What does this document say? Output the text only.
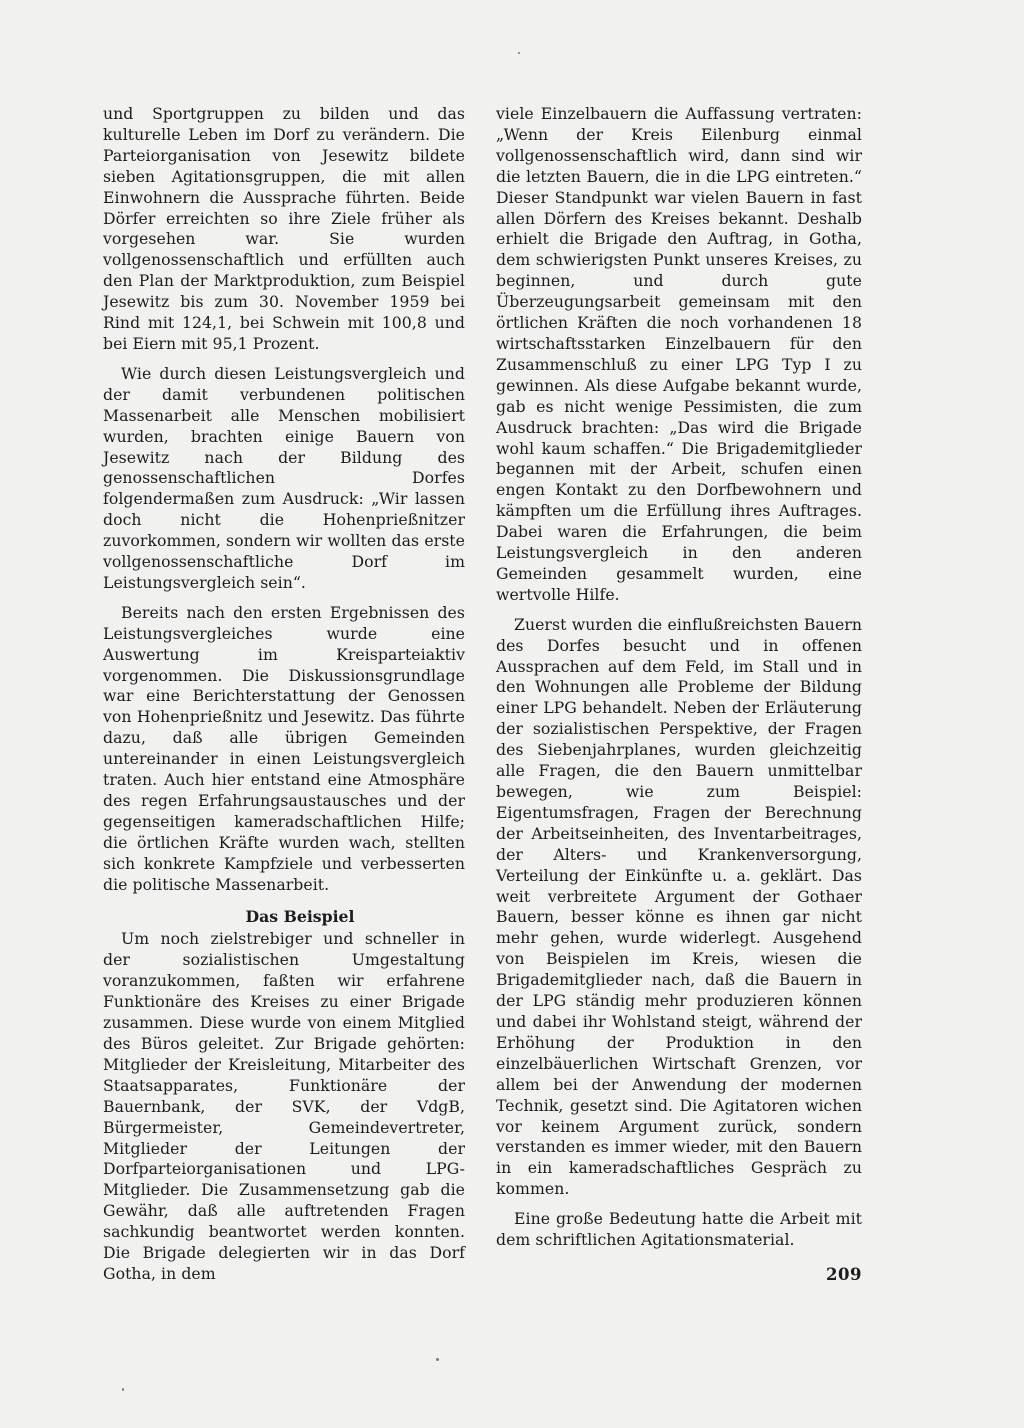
und Sportgruppen zu bilden und das kulturelle Leben im Dorf zu verändern. Die Parteiorganisation von Jesewitz bildete sieben Agitationsgruppen, die mit allen Einwohnern die Aussprache führten. Beide Dörfer erreichten so ihre Ziele früher als vorgesehen war. Sie wurden vollgenossenschaftlich und erfüllten auch den Plan der Marktproduktion, zum Beispiel Jesewitz bis zum 30. November 1959 bei Rind mit 124,1, bei Schwein mit 100,8 und bei Eiern mit 95,1 Prozent.

Wie durch diesen Leistungsvergleich und der damit verbundenen politischen Massenarbeit alle Menschen mobilisiert wurden, brachten einige Bauern von Jesewitz nach der Bildung des genossenschaftlichen Dorfes folgendermaßen zum Ausdruck: „Wir lassen doch nicht die Hohenprießnitzer zuvorkommen, sondern wir wollten das erste vollgenossenschaftliche Dorf im Leistungsvergleich sein“.

Bereits nach den ersten Ergebnissen des Leistungsvergleiches wurde eine Auswertung im Kreisparteiaktiv vorgenommen. Die Diskussionsgrundlage war eine Berichterstattung der Genossen von Hohenprießnitz und Jesewitz. Das führte dazu, daß alle übrigen Gemeinden untereinander in einen Leistungsvergleich traten. Auch hier entstand eine Atmosphäre des regen Erfahrungsaustausches und der gegenseitigen kameradschaftlichen Hilfe; die örtlichen Kräfte wurden wach, stellten sich konkrete Kampfziele und verbesserten die politische Massenarbeit.

Das Beispiel

Um noch zielstrebiger und schneller in der sozialistischen Umgestaltung voranzukommen, faßten wir erfahrene Funktionäre des Kreises zu einer Brigade zusammen. Diese wurde von einem Mitglied des Büros geleitet. Zur Brigade gehörten: Mitglieder der Kreisleitung, Mitarbeiter des Staatsapparates, Funktionäre der Bauernbank, der SVK, der VdgB, Bürgermeister, Gemeindevertreter, Mitglieder der Leitungen der Dorfparteiorganisationen und LPG-Mitglieder. Die Zusammensetzung gab die Gewähr, daß alle auftretenden Fragen sachkundig beantwortet werden konnten. Die Brigade delegierten wir in das Dorf Gotha, in dem

viele Einzelbauern die Auffassung vertraten: „Wenn der Kreis Eilenburg einmal vollgenossenschaftlich wird, dann sind wir die letzten Bauern, die in die LPG eintreten.“ Dieser Standpunkt war vielen Bauern in fast allen Dörfern des Kreises bekannt. Deshalb erhielt die Brigade den Auftrag, in Gotha, dem schwierigsten Punkt unseres Kreises, zu beginnen, und durch gute Überzeugungsarbeit gemeinsam mit den örtlichen Kräften die noch vorhandenen 18 wirtschaftsstarken Einzelbauern für den Zusammenschluß zu einer LPG Typ I zu gewinnen. Als diese Aufgabe bekannt wurde, gab es nicht wenige Pessimisten, die zum Ausdruck brachten: „Das wird die Brigade wohl kaum schaffen.“ Die Brigademitglieder begannen mit der Arbeit, schufen einen engen Kontakt zu den Dorfbewohnern und kämpften um die Erfüllung ihres Auftrages. Dabei waren die Erfahrungen, die beim Leistungsvergleich in den anderen Gemeinden gesammelt wurden, eine wertvolle Hilfe.

Zuerst wurden die einflußreichsten Bauern des Dorfes besucht und in offenen Aussprachen auf dem Feld, im Stall und in den Wohnungen alle Probleme der Bildung einer LPG behandelt. Neben der Erläuterung der sozialistischen Perspektive, der Fragen des Siebenjahrplanes, wurden gleichzeitig alle Fragen, die den Bauern unmittelbar bewegen, wie zum Beispiel: Eigentumsfragen, Fragen der Berechnung der Arbeitseinheiten, des Inventarbeitrages, der Alters- und Krankenversorgung, Verteilung der Einkünfte u. a. geklärt. Das weit verbreitete Argument der Gothaer Bauern, besser könne es ihnen gar nicht mehr gehen, wurde widerlegt. Ausgehend von Beispielen im Kreis, wiesen die Brigademitglieder nach, daß die Bauern in der LPG ständig mehr produzieren können und dabei ihr Wohlstand steigt, während der Erhöhung der Produktion in den einzelbäuerlichen Wirtschaft Grenzen, vor allem bei der Anwendung der modernen Technik, gesetzt sind. Die Agitatoren wichen vor keinem Argument zurück, sondern verstanden es immer wieder, mit den Bauern in ein kameradschaftliches Gespräch zu kommen.

Eine große Bedeutung hatte die Arbeit mit dem schriftlichen Agitationsmaterial.

209
